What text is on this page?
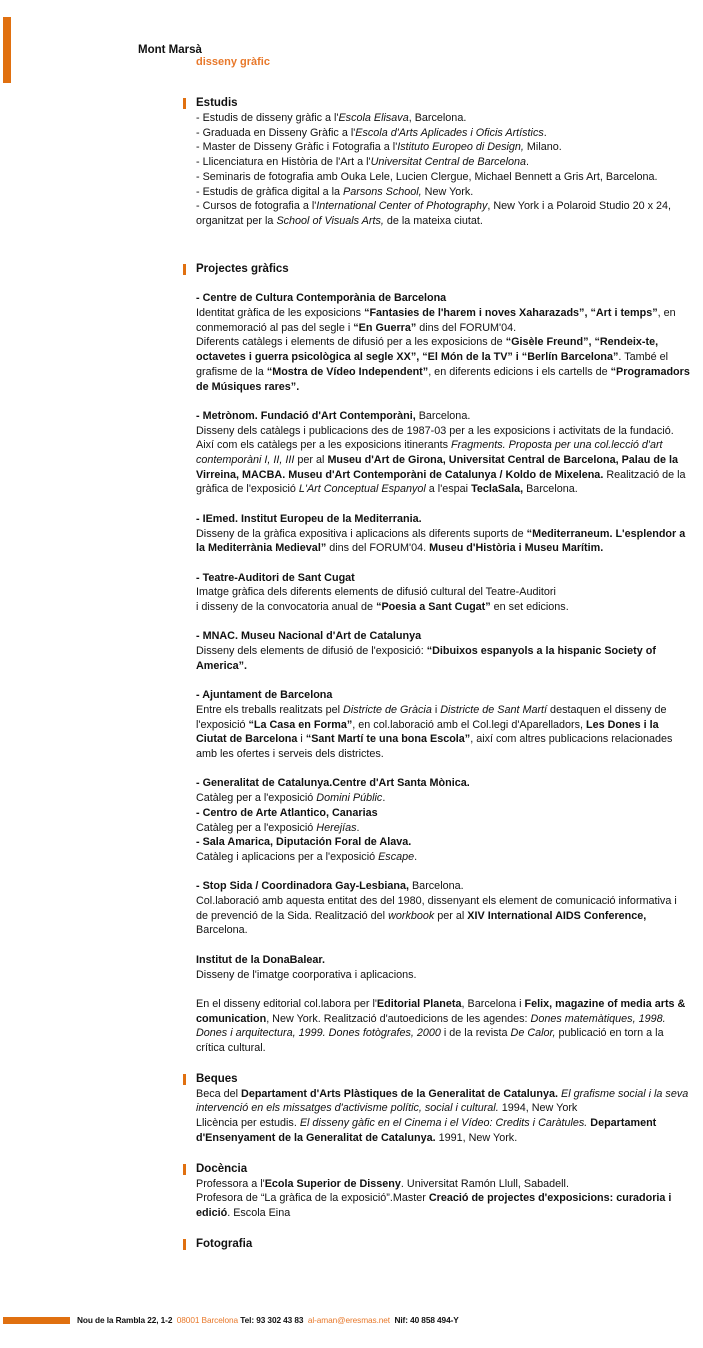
Mont Marsà
disseny gràfic
Estudis
- Estudis de disseny gràfic a l'Escola Elisava, Barcelona.
- Graduada en Disseny Gràfic a l'Escola d'Arts Aplicades i Oficis Artístics.
- Master de Disseny Gràfic i Fotografia a l'Istituto Europeo di Design, Milano.
- Llicenciatura en Història de l'Art a l'Universitat Central de Barcelona.
- Seminaris de fotografia amb Ouka Lele, Lucien Clergue, Michael Bennett a Gris Art, Barcelona.
- Estudis de gràfica digital a la Parsons School, New York.
- Cursos de fotografia a l'International Center of Photography, New York i a Polaroid Studio 20 x 24, organitzat per la School of Visuals Arts, de la mateixa ciutat.
Projectes gràfics
- Centre de Cultura Contemporània de Barcelona
Identitat gràfica de les exposicions “Fantasies de l'harem i noves Xaharazads”, “Art i temps”, en conmemoració al pas del segle i “En Guerra” dins del FORUM'04.
Diferents catàlegs i elements de difusió per a les exposicions de “Gisèle Freund”, “Rendeix-te, octavetes i guerra psicològica al segle XX”, “El Món de la TV” i “Berlín Barcelona”. També el grafisme de la “Mostra de Vídeo Independent”, en diferents edicions i els cartells de “Programadors de Músiques rares”.
- Metrònom. Fundació d'Art Contemporàni, Barcelona.
Disseny dels catàlegs i publicacions des de 1987-03 per a les exposicions i activitats de la fundació. Així com els catàlegs per a les exposicions itinerants Fragments. Proposta per una col.lecció d'art contemporàni I, II, III per al Museu d'Art de Girona, Universitat Central de Barcelona, Palau de la Virreina, MACBA. Museu d'Art Contemporàni de Catalunya / Koldo de Mixelena. Realització de la gràfica de l'exposició L'Art Conceptual Espanyol a l'espai TeclaSala, Barcelona.
- IEmed. Institut Europeu de la Mediterrania.
Disseny de la gràfica expositiva i aplicacions als diferents suports de “Mediterraneum. L'esplendor a la Mediterrània Medieval” dins del FORUM'04. Museu d'Història i Museu Marítim.
- Teatre-Auditori de Sant Cugat
Imatge gràfica dels diferents elements de difusió cultural del Teatre-Auditori
i disseny de la convocatoria anual de “Poesia a Sant Cugat” en set edicions.
- MNAC. Museu Nacional d'Art de Catalunya
Disseny dels elements de difusió de l'exposició: “Dibuixos espanyols a la hispanic Society of America”.
- Ajuntament de Barcelona
Entre els treballs realitzats pel Districte de Gràcia i Districte de Sant Martí destaquen el disseny de l'exposició “La Casa en Forma”, en col.laboració amb el Col.legi d'Aparelladors, Les Dones i la Ciutat de Barcelona i “Sant Martí te una bona Escola”, així com altres publicacions relacionades amb les ofertes i serveis dels districtes.
- Generalitat de Catalunya.Centre d'Art Santa Mònica.
Catàleg per a l'exposició Domini Públic.
- Centro de Arte Atlantico, Canarias
Catàleg per a l'exposició Herejías.
- Sala Amarica, Diputación Foral de Alava.
Catàleg i aplicacions per a l'exposició Escape.
- Stop Sida / Coordinadora Gay-Lesbiana, Barcelona.
Col.laboració amb aquesta entitat des del 1980, dissenyant els element de comunicació informativa i de prevenció de la Sida. Realització del workbook per al XIV International AIDS Conference, Barcelona.
Institut de la DonaBalear.
Disseny de l'imatge coorporativa i aplicacions.
En el disseny editorial col.labora per l'Editorial Planeta, Barcelona i Felix, magazine of media arts & comunication, New York. Realització d'autoedicions de les agendes: Dones matemàtiques, 1998. Dones i arquitectura, 1999. Dones fotògrafes, 2000 i de la revista De Calor, publicació en torn a la crítica cultural.
Beques
Beca del Departament d'Arts Plàstiques de la Generalitat de Catalunya. El grafisme social i la seva intervenció en els missatges d'activisme polític, social i cultural. 1994, New York
Llicència per estudis. El disseny gàfic en el Cinema i el Vídeo: Credits i Caràtules. Departament d'Ensenyament de la Generalitat de Catalunya. 1991, New York.
Docència
Professora a l'Ecola Superior de Disseny. Universitat Ramón Llull, Sabadell.
Profesora de “La gràfica de la exposició”.Master Creació de projectes d'exposicions: curadoria i edició. Escola Eina
Fotografia
Nou de la Rambla 22, 1-2 08001 Barcelona Tel: 93 302 43 83 al-aman@eresmas.net Nif: 40 858 494-Y
